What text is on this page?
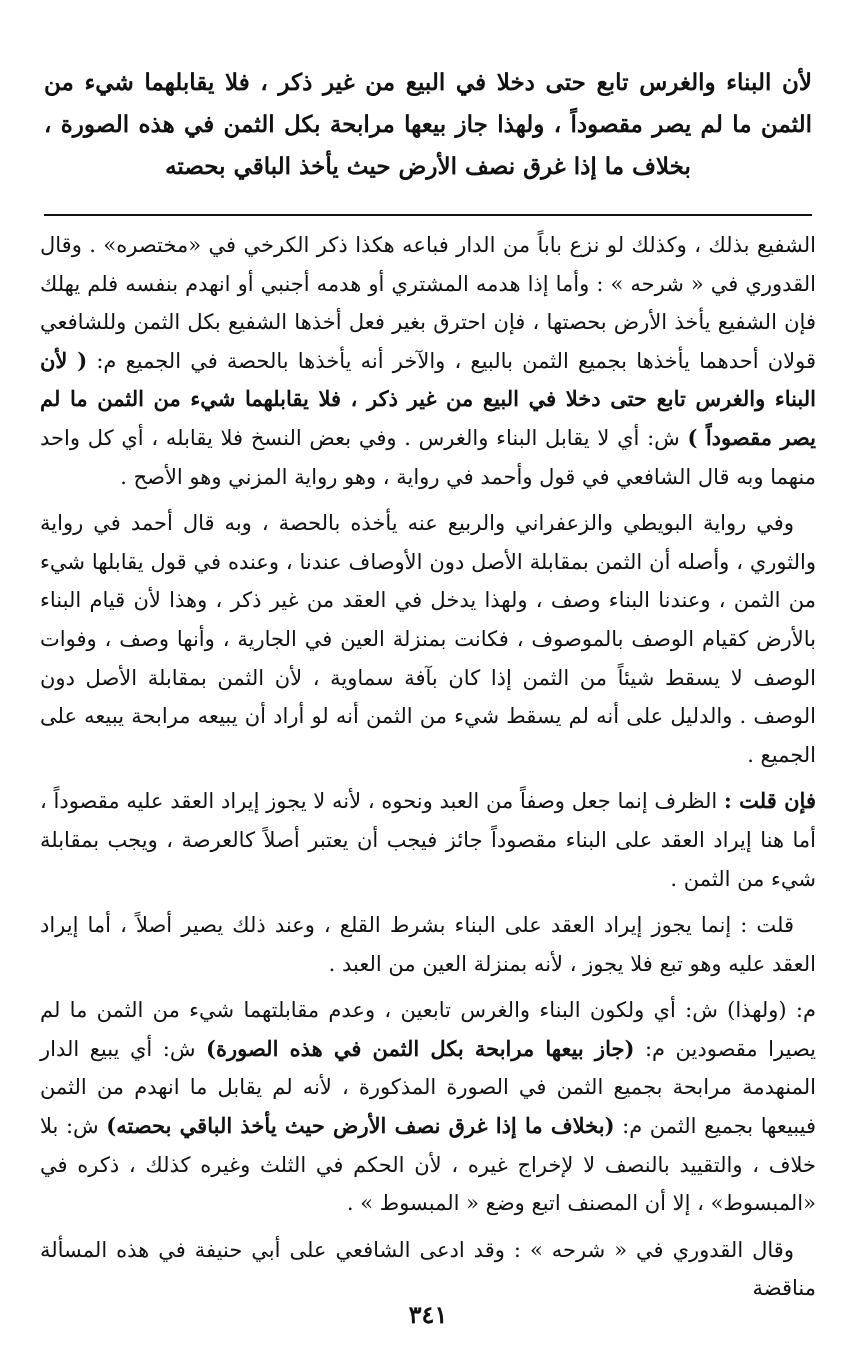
لأن البناء والغرس تابع حتى دخلا في البيع من غير ذكر ، فلا يقابلهما شيء من الثمن ما لم يصر مقصوداً ، ولهذا جاز بيعها مرابحة بكل الثمن في هذه الصورة ، بخلاف ما إذا غرق نصف الأرض حيث يأخذ الباقي بحصته

الشفيع بذلك ، وكذلك لو نزع باباً من الدار فباعه هكذا ذكر الكرخي في «مختصره» . وقال القدوري في « شرحه » : وأما إذا هدمه المشتري أو هدمه أجنبي أو انهدم بنفسه فلم يهلك فإن الشفيع يأخذ الأرض بحصتها ، فإن احترق بغير فعل أخذها الشفيع بكل الثمن وللشافعي قولان أحدهما يأخذها بجميع الثمن بالبيع ، والآخر أنه يأخذها بالحصة في الجميع م: ( لأن البناء والغرس تابع حتى دخلا في البيع من غير ذكر ، فلا يقابلهما شيء من الثمن ما لم يصر مقصوداً ) ش: أي لا يقابل البناء والغرس . وفي بعض النسخ فلا يقابله ، أي كل واحد منهما وبه قال الشافعي في قول وأحمد في رواية ، وهو رواية المزني وهو الأصح .

وفي رواية البويطي والزعفراني والربيع عنه يأخذه بالحصة ، وبه قال أحمد في رواية والثوري ، وأصله أن الثمن بمقابلة الأصل دون الأوصاف عندنا ، وعنده في قول يقابلها شيء من الثمن ، وعندنا البناء وصف ، ولهذا يدخل في العقد من غير ذكر ، وهذا لأن قيام البناء بالأرض كقيام الوصف بالموصوف ، فكانت بمنزلة العين في الجارية ، وأنها وصف ، وفوات الوصف لا يسقط شيئاً من الثمن إذا كان بآفة سماوية ، لأن الثمن بمقابلة الأصل دون الوصف . والدليل على أنه لم يسقط شيء من الثمن أنه لو أراد أن يبيعه مرابحة يبيعه على الجميع .

فإن قلت : الظرف إنما جعل وصفاً من العبد ونحوه ، لأنه لا يجوز إيراد العقد عليه مقصوداً ، أما هنا إيراد العقد على البناء مقصوداً جائز فيجب أن يعتبر أصلاً كالعرصة ، ويجب بمقابلة شيء من الثمن .

قلت : إنما يجوز إيراد العقد على البناء بشرط القلع ، وعند ذلك يصير أصلاً ، أما إيراد العقد عليه وهو تبع فلا يجوز ، لأنه بمنزلة العين من العبد .

م: (ولهذا) ش: أي ولكون البناء والغرس تابعين ، وعدم مقابلتهما شيء من الثمن ما لم يصيرا مقصودين م: (جاز بيعها مرابحة بكل الثمن في هذه الصورة) ش: أي يبيع الدار المنهدمة مرابحة بجميع الثمن في الصورة المذكورة ، لأنه لم يقابل ما انهدم من الثمن فيبيعها بجميع الثمن م: (بخلاف ما إذا غرق نصف الأرض حيث يأخذ الباقي بحصته) ش: بلا خلاف ، والتقييد بالنصف لا لإخراج غيره ، لأن الحكم في الثلث وغيره كذلك ، ذكره في «المبسوط» ، إلا أن المصنف اتبع وضع « المبسوط » .

وقال القدوري في « شرحه » : وقد ادعى الشافعي على أبي حنيفة في هذه المسألة مناقضة

٣٤١
